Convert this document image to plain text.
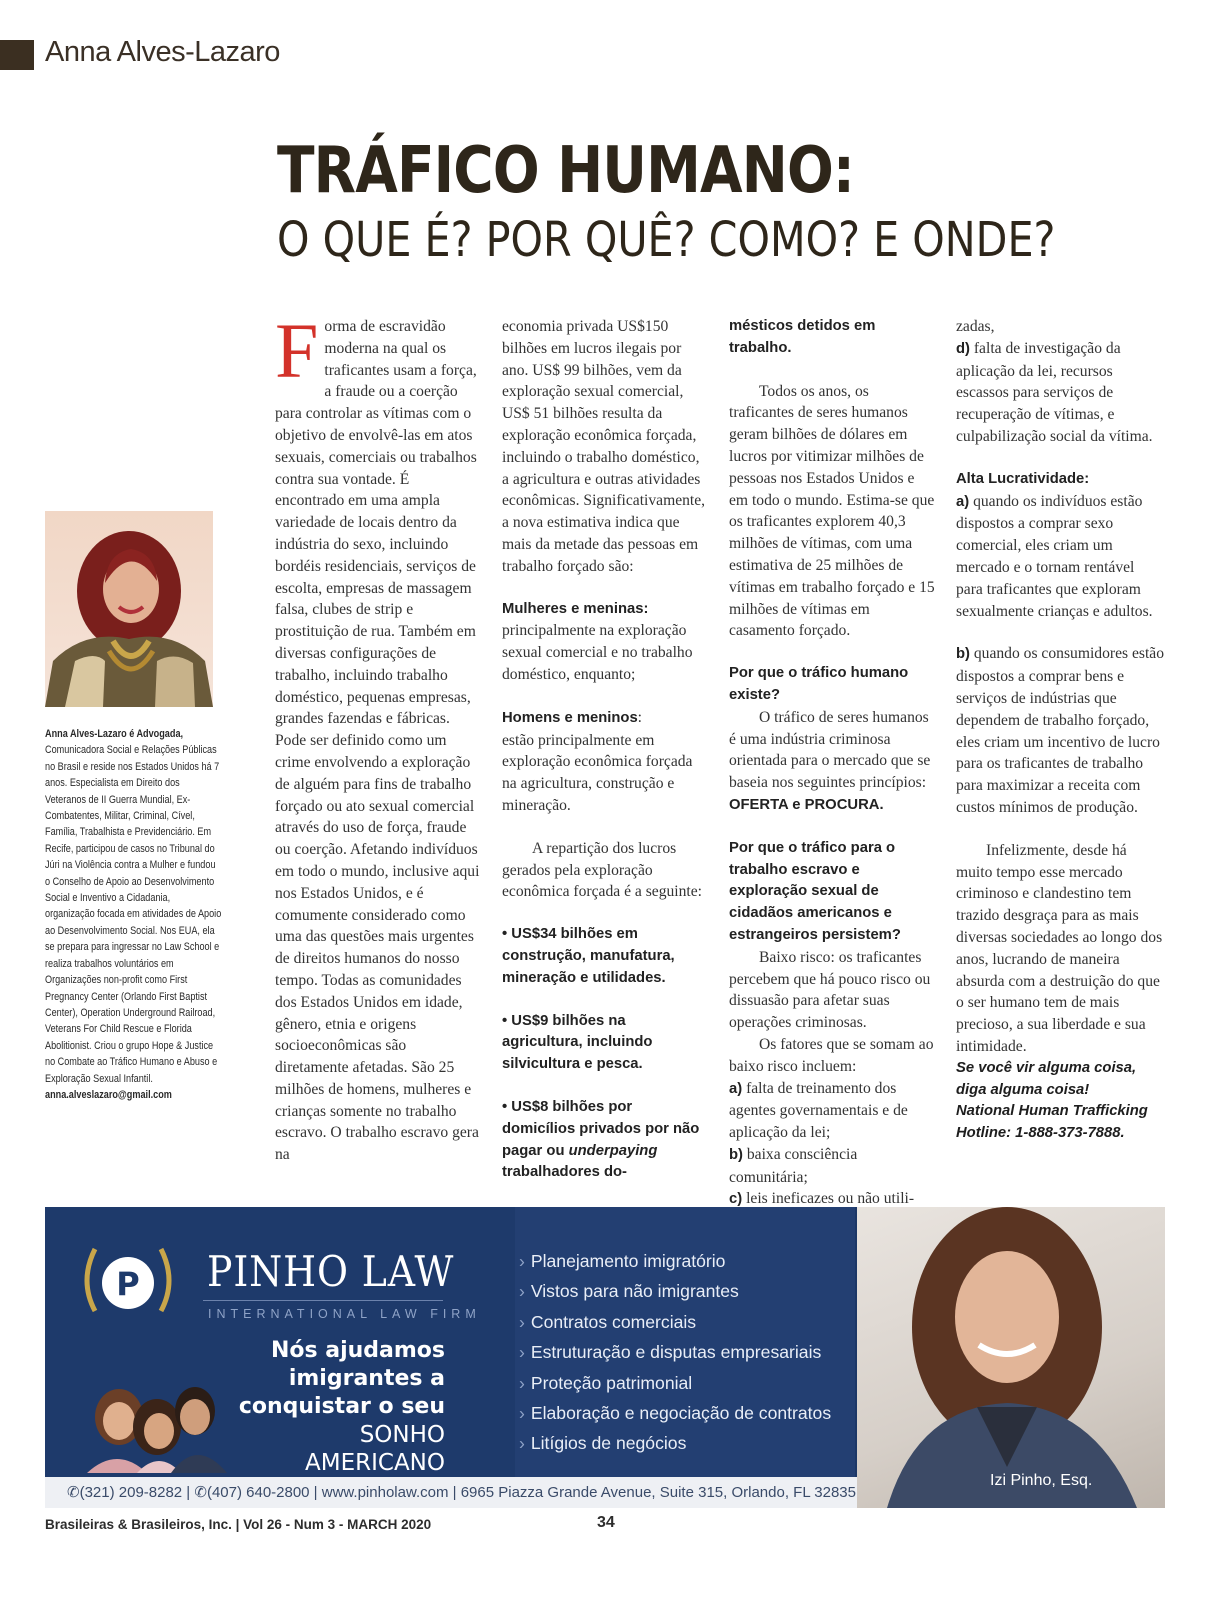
Anna Alves-Lazaro
TRÁFICO HUMANO:
O QUE É? POR QUÊ? COMO? E ONDE?
Anna Alves-Lazaro é Advogada, Comunicadora Social e Relações Públicas no Brasil e reside nos Estados Unidos há 7 anos. Especialista em Direito dos Veteranos de II Guerra Mundial, Ex-Combatentes, Militar, Criminal, Cível, Família, Trabalhista e Previdenciário. Em Recife, participou de casos no Tribunal do Júri na Violência contra a Mulher e fundou o Conselho de Apoio ao Desenvolvimento Social e Inventivo a Cidadania, organização focada em atividades de Apoio ao Desenvolvimento Social. Nos EUA, ela se prepara para ingressar no Law School e realiza trabalhos voluntários em Organizações non-profit como First Pregnancy Center (Orlando First Baptist Center), Operation Underground Railroad, Veterans For Child Rescue e Florida Abolitionist. Criou o grupo Hope & Justice no Combate ao Tráfico Humano e Abuso e Exploração Sexual Infantil.
anna.alveslazaro@gmail.com

Forma de escravidão moderna na qual os traficantes usam a força, a fraude ou a coerção para controlar as vítimas com o objetivo de envolvê-las em atos sexuais, comerciais ou trabalhos contra sua vontade. É encontrado em uma ampla variedade de locais dentro da indústria do sexo, incluindo bordéis residenciais, serviços de escolta, empresas de massagem falsa, clubes de strip e prostituição de rua. Também em diversas configurações de trabalho, incluindo trabalho doméstico, pequenas empresas, grandes fazendas e fábricas. Pode ser definido como um crime envolvendo a exploração de alguém para fins de trabalho forçado ou ato sexual comercial através do uso de força, fraude ou coerção. Afetando indivíduos em todo o mundo, inclusive aqui nos Estados Unidos, e é comumente considerado como uma das questões mais urgentes de direitos humanos do nosso tempo. Todas as comunidades dos Estados Unidos em idade, gênero, etnia e origens socioeconômicas são diretamente afetadas. São 25 milhões de homens, mulheres e crianças somente no trabalho escravo. O trabalho escravo gera na

economia privada US$150 bilhões em lucros ilegais por ano. US$ 99 bilhões, vem da exploração sexual comercial, US$ 51 bilhões resulta da exploração econômica forçada, incluindo o trabalho doméstico, a agricultura e outras atividades econômicas. Significativamente, a nova estimativa indica que mais da metade das pessoas em trabalho forçado são:

Mulheres e meninas:

principalmente na exploração sexual comercial e no trabalho doméstico, enquanto;

Homens e meninos:

estão principalmente em exploração econômica forçada na agricultura, construção e mineração.

A repartição dos lucros gerados pela exploração econômica forçada é a seguinte:

• US$34 bilhões em construção, manufatura, mineração e utilidades.

• US$9 bilhões na agricultura, incluindo silvicultura e pesca.

• US$8 bilhões por domicílios privados por não pagar ou underpaying trabalhadores do-

mésticos detidos em trabalho.

Todos os anos, os traficantes de seres humanos geram bilhões de dólares em lucros por vitimizar milhões de pessoas nos Estados Unidos e em todo o mundo. Estima-se que os traficantes explorem 40,3 milhões de vítimas, com uma estimativa de 25 milhões de vítimas em trabalho forçado e 15 milhões de vítimas em casamento forçado.

Por que o tráfico humano existe?

O tráfico de seres humanos é uma indústria criminosa orientada para o mercado que se baseia nos seguintes princípios: OFERTA e PROCURA.

Por que o tráfico para o trabalho escravo e exploração sexual de cidadãos americanos e estrangeiros persistem?

Baixo risco: os traficantes percebem que há pouco risco ou dissuasão para afetar suas operações criminosas.

Os fatores que se somam ao baixo risco incluem:

a) falta de treinamento dos agentes governamentais e de aplicação da lei;

b) baixa consciência comunitária;

c) leis ineficazes ou não utili-

zadas,

d) falta de investigação da aplicação da lei, recursos escassos para serviços de recuperação de vítimas, e culpabilização social da vítima.

Alta Lucratividade:

a) quando os indivíduos estão dispostos a comprar sexo comercial, eles criam um mercado e o tornam rentável para traficantes que exploram sexualmente crianças e adultos.

b) quando os consumidores estão dispostos a comprar bens e serviços de indústrias que dependem de trabalho forçado, eles criam um incentivo de lucro para os traficantes de trabalho para maximizar a receita com custos mínimos de produção.

Infelizmente, desde há muito tempo esse mercado criminoso e clandestino tem trazido desgraça para as mais diversas sociedades ao longo dos anos, lucrando de maneira absurda com a destruição do que o ser humano tem de mais precioso, a sua liberdade e sua intimidade.

Se você vir alguma coisa, diga alguma coisa!

National Human Trafficking Hotline: 1-888-373-7888.

P PINHO LAW
INTERNATIONAL LAW FIRM
Nós ajudamos
imigrantes a
conquistar o seu
SONHO AMERICANO
› Planejamento imigratório
› Vistos para não imigrantes
› Contratos comerciais
› Estruturação e disputas empresariais
› Proteção patrimonial
› Elaboração e negociação de contratos
› Litígios de negócios
✆(321) 209-8282 | ✆(407) 640-2800 | www.pinholaw.com | 6965 Piazza Grande Avenue, Suite 315, Orlando, FL 32835
Izi Pinho, Esq.
Brasileiras & Brasileiros, Inc. | Vol 26 - Num 3 - MARCH 2020	34
